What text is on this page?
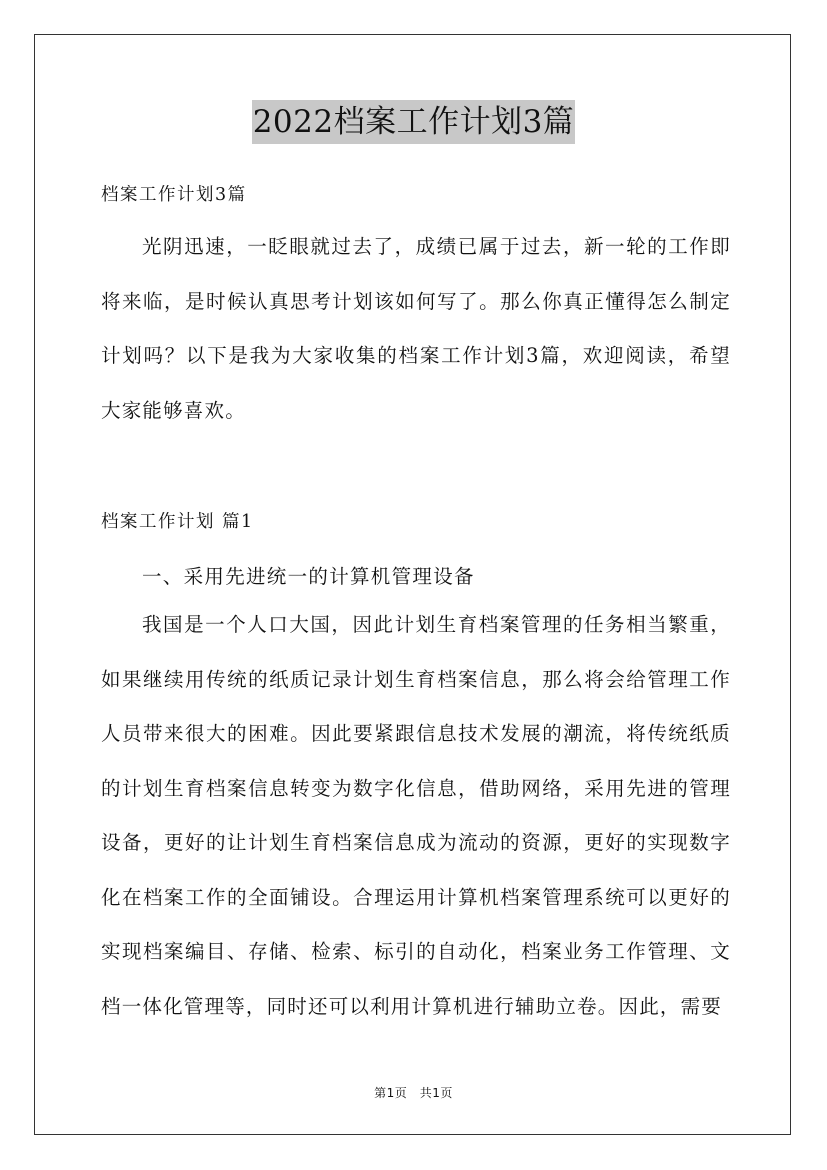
2022档案工作计划3篇
档案工作计划3篇

光阴迅速，一眨眼就过去了，成绩已属于过去，新一轮的工作即将来临，是时候认真思考计划该如何写了。那么你真正懂得怎么制定计划吗？以下是我为大家收集的档案工作计划3篇，欢迎阅读，希望大家能够喜欢。

档案工作计划 篇1
一、采用先进统一的计算机管理设备

我国是一个人口大国，因此计划生育档案管理的任务相当繁重，如果继续用传统的纸质记录计划生育档案信息，那么将会给管理工作人员带来很大的困难。因此要紧跟信息技术发展的潮流，将传统纸质的计划生育档案信息转变为数字化信息，借助网络，采用先进的管理设备，更好的让计划生育档案信息成为流动的资源，更好的实现数字化在档案工作的全面铺设。合理运用计算机档案管理系统可以更好的实现档案编目、存储、检索、标引的自动化，档案业务工作管理、文档一体化管理等，同时还可以利用计算机进行辅助立卷。因此，需要

第1页　共1页
